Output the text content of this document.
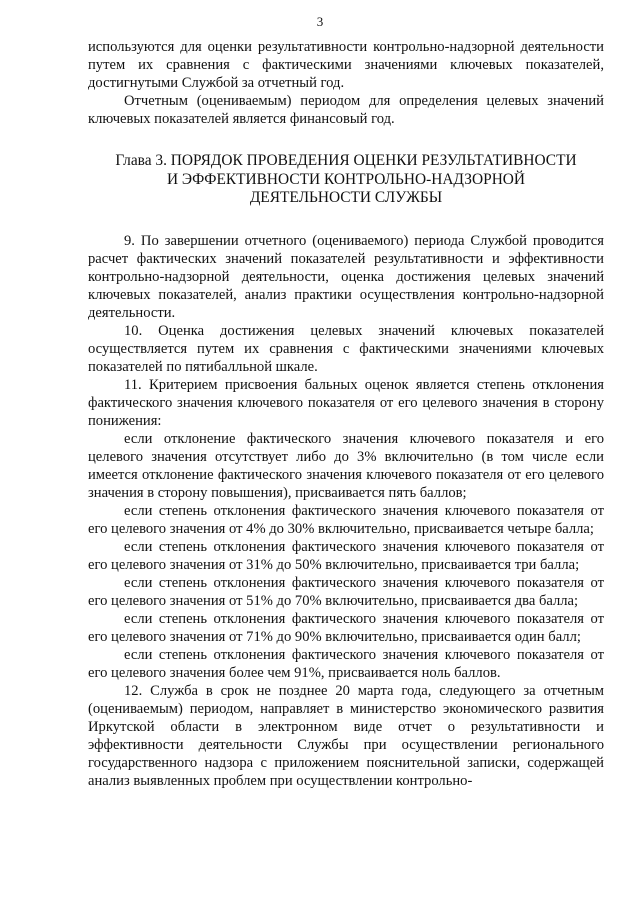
3

используются для оценки результативности контрольно-надзорной деятельности путем их сравнения с фактическими значениями ключевых показателей, достигнутыми Службой за отчетный год.

Отчетным (оцениваемым) периодом для определения целевых значений ключевых показателей является финансовый год.

Глава 3. ПОРЯДОК ПРОВЕДЕНИЯ ОЦЕНКИ РЕЗУЛЬТАТИВНОСТИ
И ЭФФЕКТИВНОСТИ КОНТРОЛЬНО-НАДЗОРНОЙ
ДЕЯТЕЛЬНОСТИ СЛУЖБЫ

9. По завершении отчетного (оцениваемого) периода Службой проводится расчет фактических значений показателей результативности и эффективности контрольно-надзорной деятельности, оценка достижения целевых значений ключевых показателей, анализ практики осуществления контрольно-надзорной деятельности.

10. Оценка достижения целевых значений ключевых показателей осуществляется путем их сравнения с фактическими значениями ключевых показателей по пятибалльной шкале.

11. Критерием присвоения бальных оценок является степень отклонения фактического значения ключевого показателя от его целевого значения в сторону понижения:

если отклонение фактического значения ключевого показателя и его целевого значения отсутствует либо до 3% включительно (в том числе если имеется отклонение фактического значения ключевого показателя от его целевого значения в сторону повышения), присваивается пять баллов;

если степень отклонения фактического значения ключевого показателя от его целевого значения от 4% до 30% включительно, присваивается четыре балла;

если степень отклонения фактического значения ключевого показателя от его целевого значения от 31% до 50% включительно, присваивается три балла;

если степень отклонения фактического значения ключевого показателя от его целевого значения от 51% до 70% включительно, присваивается два балла;

если степень отклонения фактического значения ключевого показателя от его целевого значения от 71% до 90% включительно, присваивается один балл;

если степень отклонения фактического значения ключевого показателя от его целевого значения более чем 91%, присваивается ноль баллов.

12. Служба в срок не позднее 20 марта года, следующего за отчетным (оцениваемым) периодом, направляет в министерство экономического развития Иркутской области в электронном виде отчет о результативности и эффективности деятельности Службы при осуществлении регионального государственного надзора с приложением пояснительной записки, содержащей анализ выявленных проблем при осуществлении контрольно-
